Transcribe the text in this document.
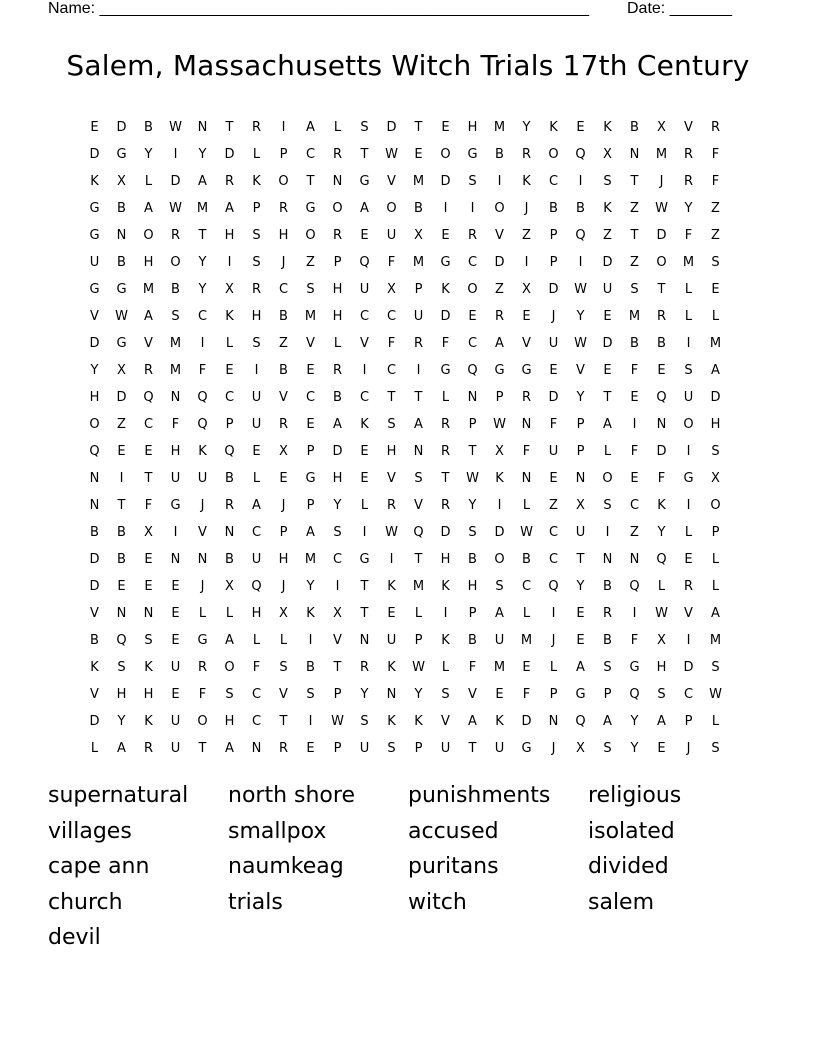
Name: _______________________________________________________ Date: _______
Salem, Massachusetts Witch Trials 17th Century
E	D	B	W	N	T	R	I	A	L	S	D	T	E	H	M	Y	K	E	K	B	X	V	R
D	G	Y	I	Y	D	L	P	C	R	T	W	E	O	G	B	R	O	Q	X	N	M	R	F
K	X	L	D	A	R	K	O	T	N	G	V	M	D	S	I	K	C	I	S	T	J	R	F
G	B	A	W	M	A	P	R	G	O	A	O	B	I	I	O	J	B	B	K	Z	W	Y	Z
G	N	O	R	T	H	S	H	O	R	E	U	X	E	R	V	Z	P	Q	Z	T	D	F	Z
U	B	H	O	Y	I	S	J	Z	P	Q	F	M	G	C	D	I	P	I	D	Z	O	M	S
G	G	M	B	Y	X	R	C	S	H	U	X	P	K	O	Z	X	D	W	U	S	T	L	E
V	W	A	S	C	K	H	B	M	H	C	C	U	D	E	R	E	J	Y	E	M	R	L	L
D	G	V	M	I	L	S	Z	V	L	V	F	R	F	C	A	V	U	W	D	B	B	I	M
Y	X	R	M	F	E	I	B	E	R	I	C	I	G	Q	G	G	E	V	E	F	E	S	A
H	D	Q	N	Q	C	U	V	C	B	C	T	T	L	N	P	R	D	Y	T	E	Q	U	D
O	Z	C	F	Q	P	U	R	E	A	K	S	A	R	P	W	N	F	P	A	I	N	O	H
Q	E	E	H	K	Q	E	X	P	D	E	H	N	R	T	X	F	U	P	L	F	D	I	S
N	I	T	U	U	B	L	E	G	H	E	V	S	T	W	K	N	E	N	O	E	F	G	X
N	T	F	G	J	R	A	J	P	Y	L	R	V	R	Y	I	L	Z	X	S	C	K	I	O
B	B	X	I	V	N	C	P	A	S	I	W	Q	D	S	D	W	C	U	I	Z	Y	L	P
D	B	E	N	N	B	U	H	M	C	G	I	T	H	B	O	B	C	T	N	N	Q	E	L
D	E	E	E	J	X	Q	J	Y	I	T	K	M	K	H	S	C	Q	Y	B	Q	L	R	L
V	N	N	E	L	L	H	X	K	X	T	E	L	I	P	A	L	I	E	R	I	W	V	A
B	Q	S	E	G	A	L	L	I	V	N	U	P	K	B	U	M	J	E	B	F	X	I	M
K	S	K	U	R	O	F	S	B	T	R	K	W	L	F	M	E	L	A	S	G	H	D	S
V	H	H	E	F	S	C	V	S	P	Y	N	Y	S	V	E	F	P	G	P	Q	S	C	W
D	Y	K	U	O	H	C	T	I	W	S	K	K	V	A	K	D	N	Q	A	Y	A	P	L
L	A	R	U	T	A	N	R	E	P	U	S	P	U	T	U	G	J	X	S	Y	E	J	S
supernatural	north shore	punishments	religious
villages	smallpox	accused	isolated
cape ann	naumkeag	puritans	divided
church	trials	witch	salem
devil
